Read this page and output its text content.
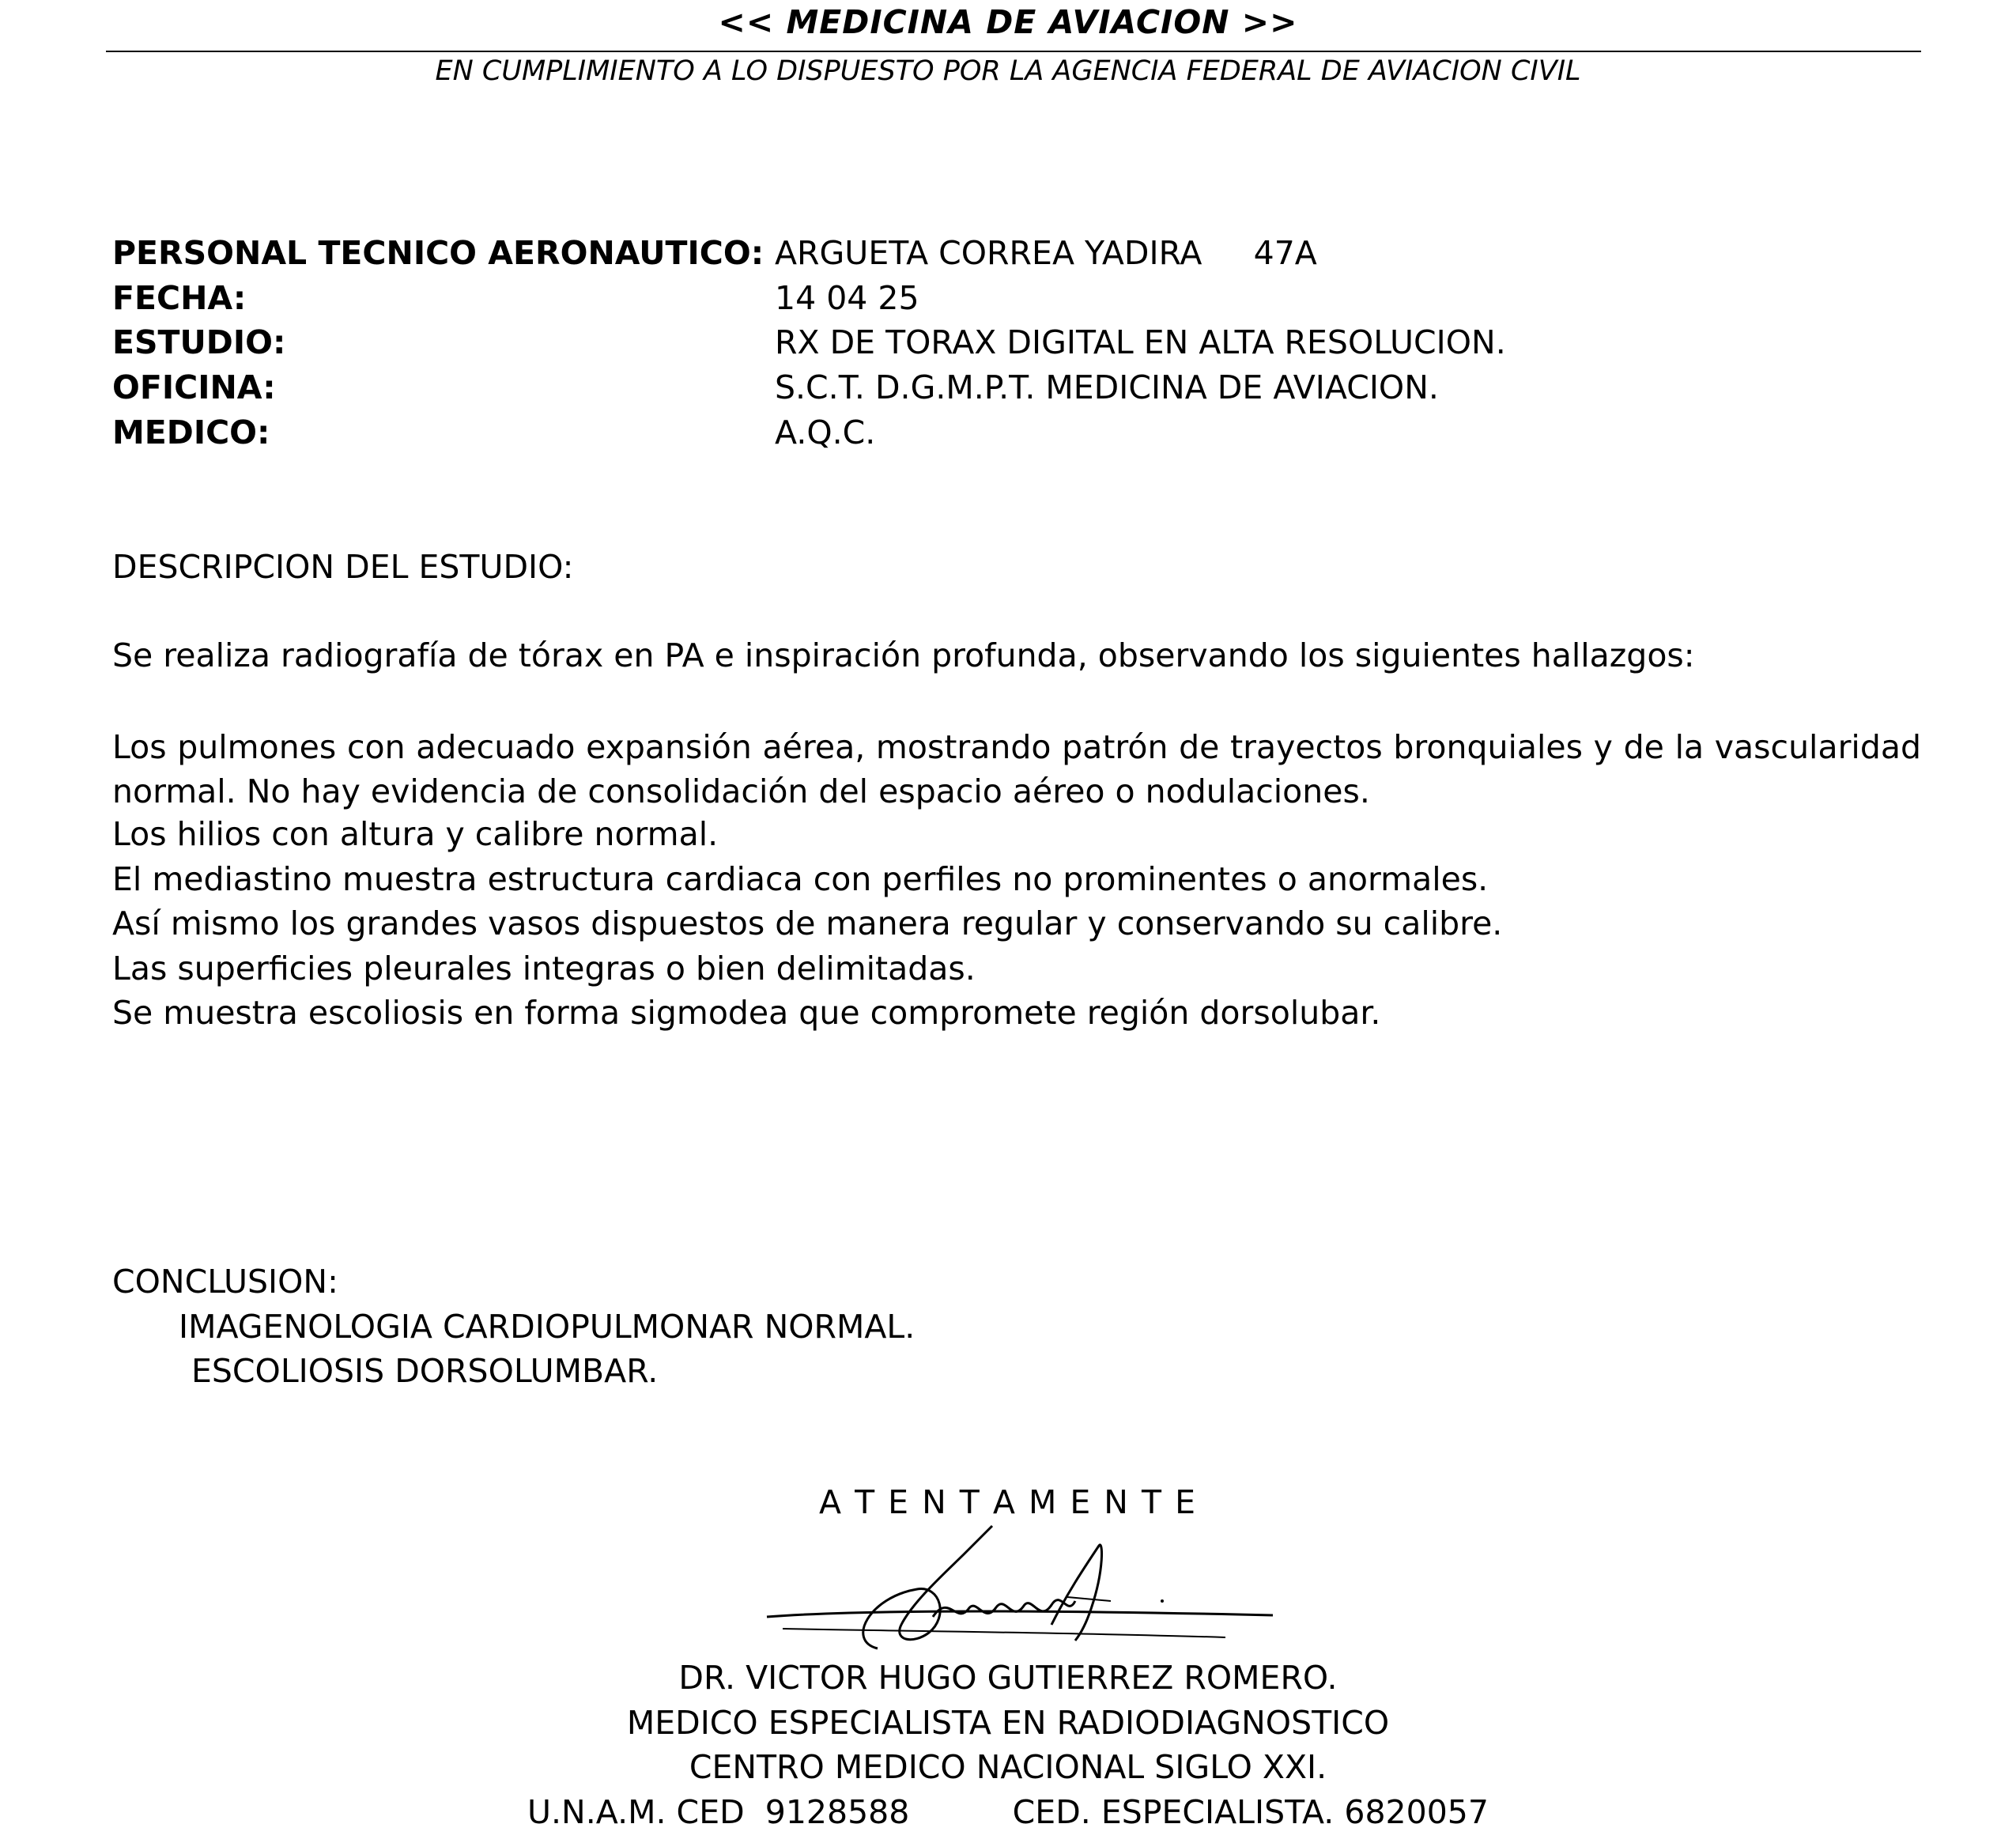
<< MEDICINA DE AVIACION >>
EN CUMPLIMIENTO A LO DISPUESTO POR LA AGENCIA FEDERAL DE AVIACION CIVIL
PERSONAL TECNICO AERONAUTICO: ARGUETA CORREA YADIRA     47A
FECHA:	14 04 25
ESTUDIO:	RX DE TORAX DIGITAL EN ALTA RESOLUCION.
OFICINA:	S.C.T. D.G.M.P.T. MEDICINA DE AVIACION.
MEDICO:	A.Q.C.
DESCRIPCION DEL ESTUDIO:
Se realiza radiografía de tórax en PA e inspiración profunda, observando los siguientes hallazgos:
Los pulmones con adecuado expansión aérea, mostrando patrón de trayectos bronquiales y de la vascularidad normal. No hay evidencia de consolidación del espacio aéreo o nodulaciones.
Los hilios con altura y calibre normal.
El mediastino muestra estructura cardiaca con perfiles no prominentes o anormales.
Así mismo los grandes vasos dispuestos de manera regular y conservando su calibre.
Las superficies pleurales integras o bien delimitadas.
Se muestra escoliosis en forma sigmodea que compromete región dorsolubar.
CONCLUSION:
IMAGENOLOGIA CARDIOPULMONAR NORMAL.
ESCOLIOSIS DORSOLUMBAR.
A T E N T A M E N T E
DR. VICTOR HUGO GUTIERREZ ROMERO.
MEDICO ESPECIALISTA EN RADIODIAGNOSTICO
CENTRO MEDICO NACIONAL SIGLO XXI.
U.N.A.M. CED  9128588          CED. ESPECIALISTA. 6820057
